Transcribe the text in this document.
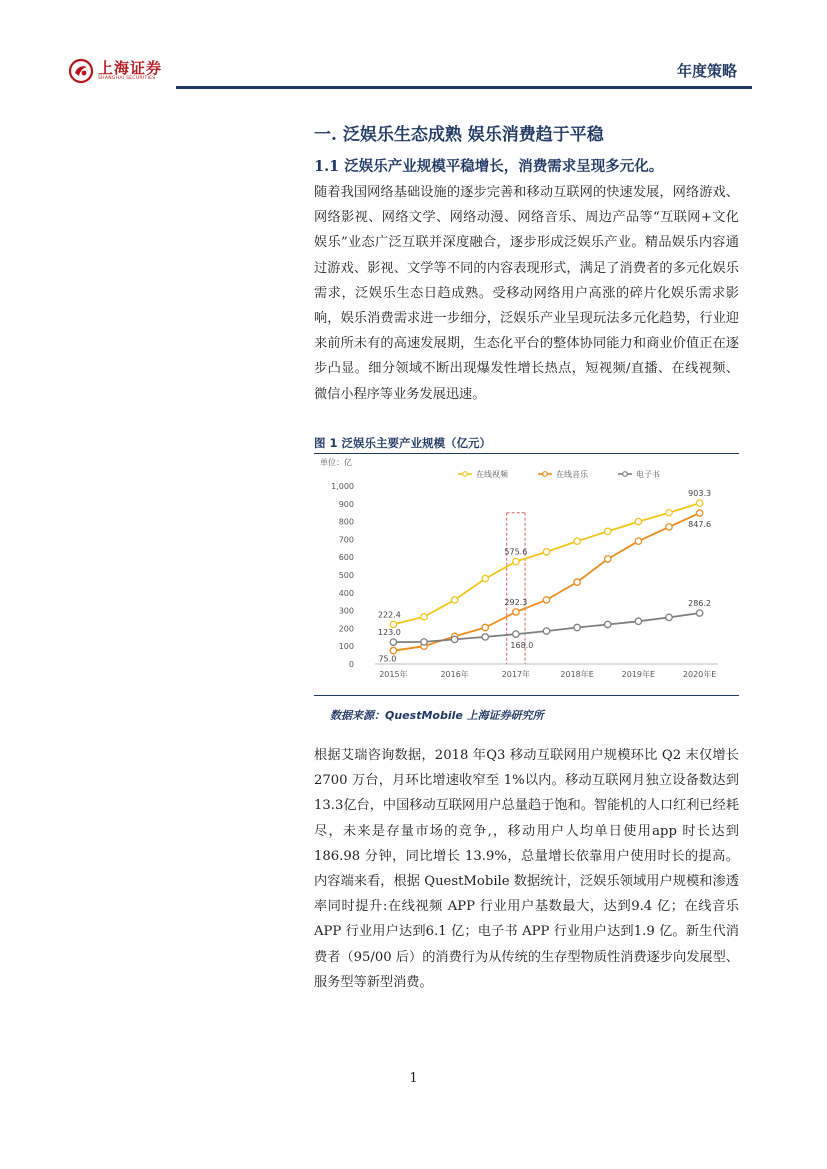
上海证券
SHANGHAI SECURITIES	年度策略
一. 泛娱乐生态成熟 娱乐消费趋于平稳
1.1 泛娱乐产业规模平稳增长，消费需求呈现多元化。
随着我国网络基础设施的逐步完善和移动互联网的快速发展，网络游戏、网络影视、网络文学、网络动漫、网络音乐、周边产品等“互联网+文化娱乐”业态广泛互联并深度融合，逐步形成泛娱乐产业。精品娱乐内容通过游戏、影视、文学等不同的内容表现形式，满足了消费者的多元化娱乐需求，泛娱乐生态日趋成熟。受移动网络用户高涨的碎片化娱乐需求影响，娱乐消费需求进一步细分，泛娱乐产业呈现玩法多元化趋势，行业迎来前所未有的高速发展期，生态化平台的整体协同能力和商业价值正在逐步凸显。细分领域不断出现爆发性增长热点，短视频/直播、在线视频、微信小程序等业务发展迅速。
图 1 泛娱乐主要产业规模（亿元）
单位：亿
1,000
900
800
700
600
500
400
300
200
100
0
2015年	2016年	2017年	2018年E	2019年E	2020年E
在线视频	在线音乐	电子书
222.4
123.0
75.0
575.6
292.3
168.0
903.3
847.6
286.2
数据来源：QuestMobile 上海证券研究所
根据艾瑞咨询数据，2018 年Q3 移动互联网用户规模环比 Q2 末仅增长 2700 万台，月环比增速收窄至 1%以内。移动互联网月独立设备数达到13.3亿台，中国移动互联网用户总量趋于饱和。智能机的人口红利已经耗尽，未来是存量市场的竞争,，移动用户人均单日使用app 时长达到 186.98 分钟，同比增长 13.9%，总量增长依靠用户使用时长的提高。内容端来看，根据 QuestMobile 数据统计，泛娱乐领域用户规模和渗透率同时提升:在线视频 APP 行业用户基数最大，达到9.4 亿；在线音乐 APP 行业用户达到6.1 亿；电子书 APP 行业用户达到1.9 亿。新生代消费者（95/00 后）的消费行为从传统的生存型物质性消费逐步向发展型、服务型等新型消费。
1
